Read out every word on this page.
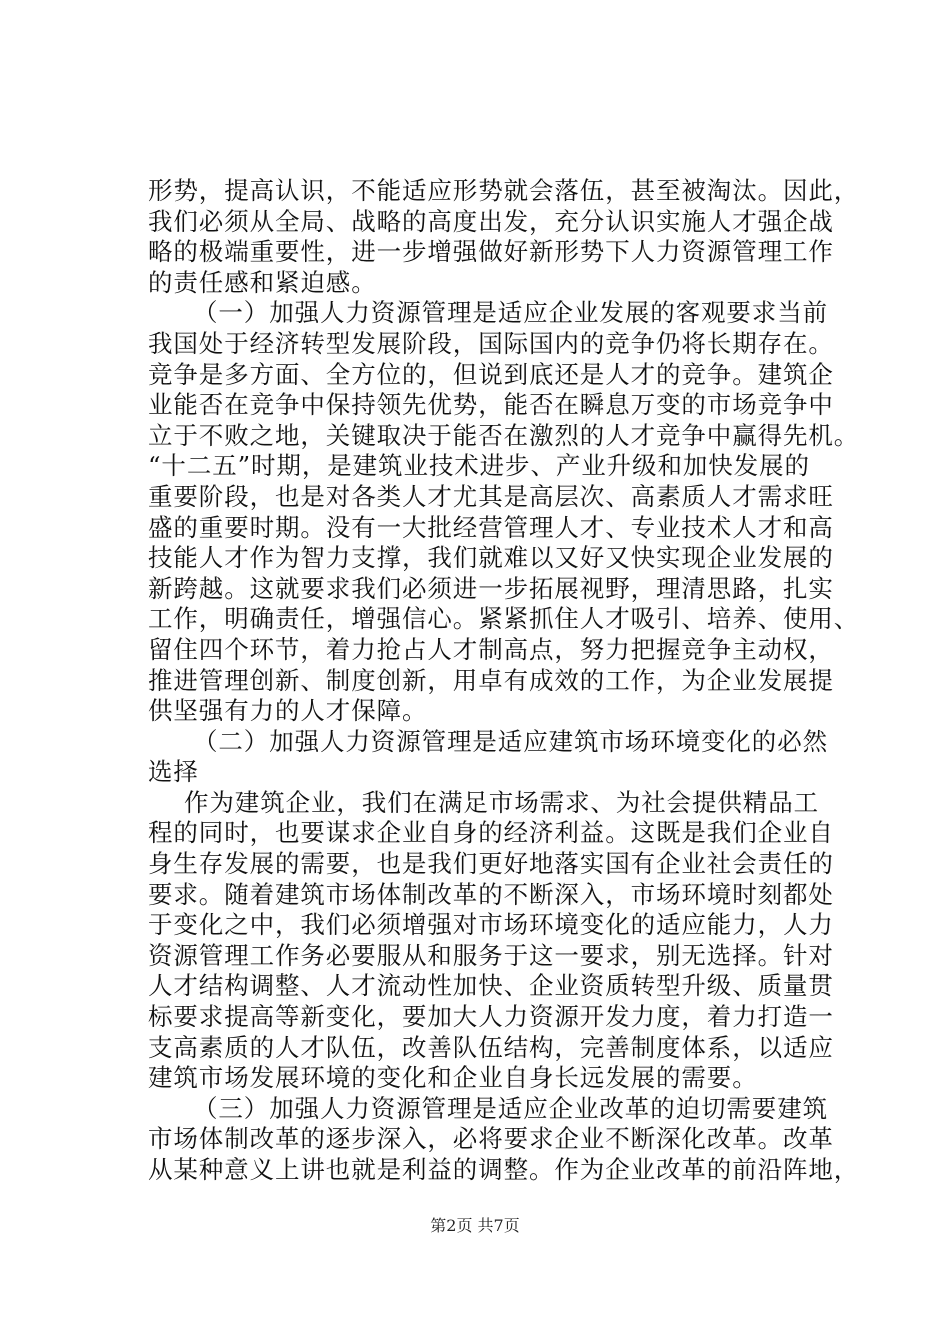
形势，提高认识，不能适应形势就会落伍，甚至被淘汰。因此，
我们必须从全局、战略的高度出发，充分认识实施人才强企战
略的极端重要性，进一步增强做好新形势下人力资源管理工作
的责任感和紧迫感。
（一）加强人力资源管理是适应企业发展的客观要求当前
我国处于经济转型发展阶段，国际国内的竞争仍将长期存在。
竞争是多方面、全方位的，但说到底还是人才的竞争。建筑企
业能否在竞争中保持领先优势，能否在瞬息万变的市场竞争中
立于不败之地，关键取决于能否在激烈的人才竞争中赢得先机。
“十二五”时期，是建筑业技术进步、产业升级和加快发展的
重要阶段，也是对各类人才尤其是高层次、高素质人才需求旺
盛的重要时期。没有一大批经营管理人才、专业技术人才和高
技能人才作为智力支撑，我们就难以又好又快实现企业发展的
新跨越。这就要求我们必须进一步拓展视野，理清思路，扎实
工作，明确责任，增强信心。紧紧抓住人才吸引、培养、使用、
留住四个环节，着力抢占人才制高点，努力把握竞争主动权，
推进管理创新、制度创新，用卓有成效的工作，为企业发展提
供坚强有力的人才保障。
（二）加强人力资源管理是适应建筑市场环境变化的必然
选择
作为建筑企业，我们在满足市场需求、为社会提供精品工
程的同时，也要谋求企业自身的经济利益。这既是我们企业自
身生存发展的需要，也是我们更好地落实国有企业社会责任的
要求。随着建筑市场体制改革的不断深入，市场环境时刻都处
于变化之中，我们必须增强对市场环境变化的适应能力，人力
资源管理工作务必要服从和服务于这一要求，别无选择。针对
人才结构调整、人才流动性加快、企业资质转型升级、质量贯
标要求提高等新变化，要加大人力资源开发力度，着力打造一
支高素质的人才队伍，改善队伍结构，完善制度体系，以适应
建筑市场发展环境的变化和企业自身长远发展的需要。
（三）加强人力资源管理是适应企业改革的迫切需要建筑
市场体制改革的逐步深入，必将要求企业不断深化改革。改革
从某种意义上讲也就是利益的调整。作为企业改革的前沿阵地，
第2页 共7页
